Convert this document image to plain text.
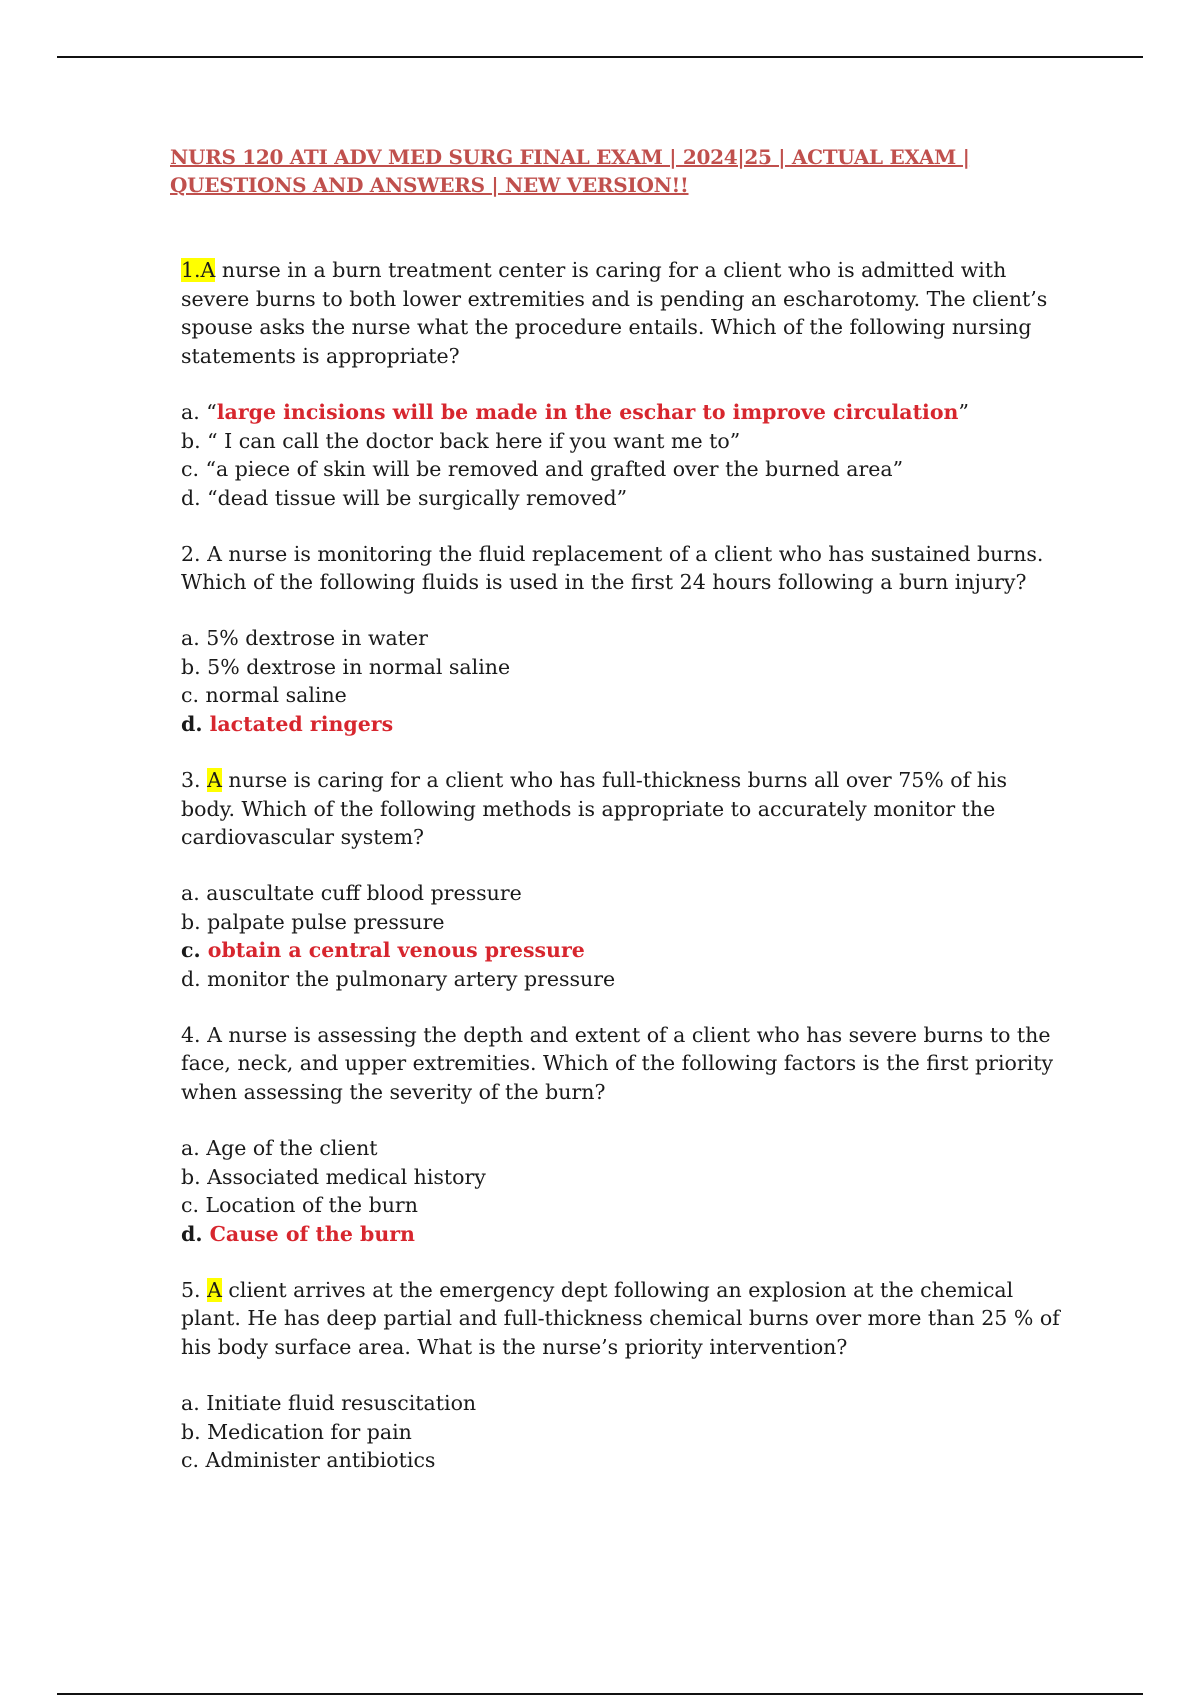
NURS 120 ATI ADV MED SURG FINAL EXAM | 2024|25 | ACTUAL EXAM |
QUESTIONS AND ANSWERS | NEW VERSION!!
1.A nurse in a burn treatment center is caring for a client who is admitted with severe burns to both lower extremities and is pending an escharotomy. The client’s spouse asks the nurse what the procedure entails. Which of the following nursing statements is appropriate?
a. “large incisions will be made in the eschar to improve circulation”
b. “ I can call the doctor back here if you want me to”
c. “a piece of skin will be removed and grafted over the burned area”
d. “dead tissue will be surgically removed”
2. A nurse is monitoring the fluid replacement of a client who has sustained burns. Which of the following fluids is used in the first 24 hours following a burn injury?
a. 5% dextrose in water
b. 5% dextrose in normal saline
c. normal saline
d. lactated ringers
3. A nurse is caring for a client who has full-thickness burns all over 75% of his body. Which of the following methods is appropriate to accurately monitor the cardiovascular system?
a. auscultate cuff blood pressure
b. palpate pulse pressure
c. obtain a central venous pressure
d. monitor the pulmonary artery pressure
4. A nurse is assessing the depth and extent of a client who has severe burns to the face, neck, and upper extremities. Which of the following factors is the first priority when assessing the severity of the burn?
a. Age of the client
b. Associated medical history
c. Location of the burn
d. Cause of the burn
5. A client arrives at the emergency dept following an explosion at the chemical plant. He has deep partial and full-thickness chemical burns over more than 25 % of his body surface area. What is the nurse’s priority intervention?
a. Initiate fluid resuscitation
b. Medication for pain
c. Administer antibiotics
